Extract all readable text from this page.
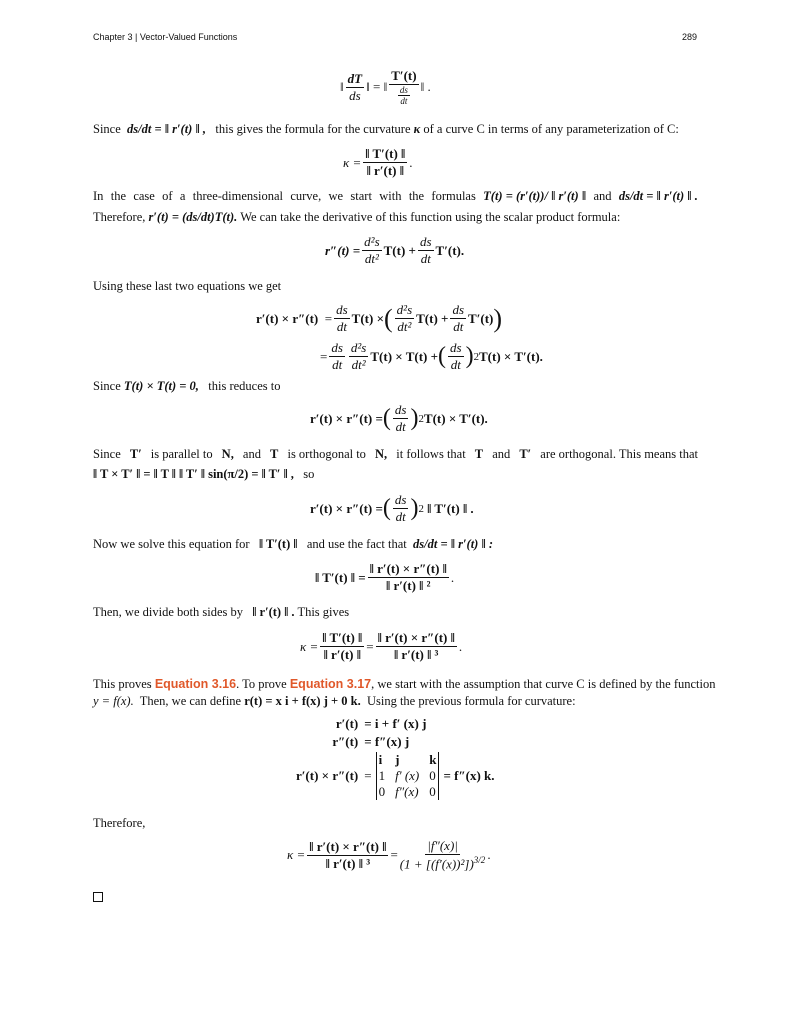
Chapter 3 | Vector-Valued Functions	289
‖ $\frac{dT}{ds}$ ‖ = ‖ $\frac{T'(t)}{\frac{ds}{dt}}$ ‖ .
Since ds/dt = ‖ r′(t) ‖ , this gives the formula for the curvature κ of a curve C in terms of any parameterization of C:
$\kappa = \frac{‖ T'(t) ‖}{‖ r'(t) ‖}$ .
In the case of a three-dimensional curve, we start with the formulas T(t) = (r′(t))/ ‖ r′(t) ‖ and ds/dt = ‖ r′(t) ‖ .
Therefore, r′(t) = (ds/dt)T(t). We can take the derivative of this function using the scalar product formula:
$r''(t) = \frac{\text{d²s}}{\text{dt²}} T(t) + \frac{ds}{dt} T'(t)$.
Using these last two equations we get
r′(t) × r″(t)
= $\frac{ds}{dt} T(t)$ × ( $\frac{\text{d²s}}{\text{dt²}} T(t) + \frac{ds}{dt} T'(t)$ )
= $\frac{ds}{dt} \frac{\text{d²s}}{\text{dt²}} T(t) \times T(t)$ + ( $\frac{ds}{dt}$ ) 2 T(t) × T′(t).
Since T(t) × T(t) = 0, this reduces to
r′(t) × r″(t) = ( $\frac{ds}{dt}$ ) 2 T(t) × T′(t).
Since T′ is parallel to N, and T is orthogonal to N, it follows that T and T′ are orthogonal. This means that
‖ T × T′ ‖ = ‖ T ‖ ‖ T′ ‖ sin(π/2) = ‖ T′ ‖ , so
r′(t) × r″(t) = ( $\frac{ds}{dt}$ ) 2
‖ T′(t) ‖ .
Now we solve this equation for ‖ T′(t) ‖ and use the fact that ds/dt = ‖ r′(t) ‖ :
‖ T′(t) ‖ = $\frac{‖ r'(t) \times r''(t) ‖}{\text{‖ r′(t) ‖ ²}}$ .
Then, we divide both sides by ‖ r′(t) ‖ . This gives
$\kappa = \frac{‖ T'(t) ‖}{‖ r'(t) ‖} = \frac{‖ r'(t) \times r''(t) ‖}{\text{‖ r′(t) ‖ ³}}$ .
This proves Equation 3.16. To prove Equation 3.17, we start with the assumption that curve C is defined by the function
y = f(x). Then, we can define r(t) = x i + f(x) j + 0 k. Using the previous formula for curvature:
r′(t) = i + f′ (x) j
r″(t) = f″(x) j
r′(t) × r″(t) =
i j	k
1 f′ (x) 0
0 f″(x) 0
= f″(x) k.
Therefore,
$\kappa = \frac{‖ r'(t) \times r''(t) ‖}{\text{‖ r′(t) ‖ ³}} = \frac{|f''(x)|}{(1 + [(f'(x))^2])^{3/2}}$ .
